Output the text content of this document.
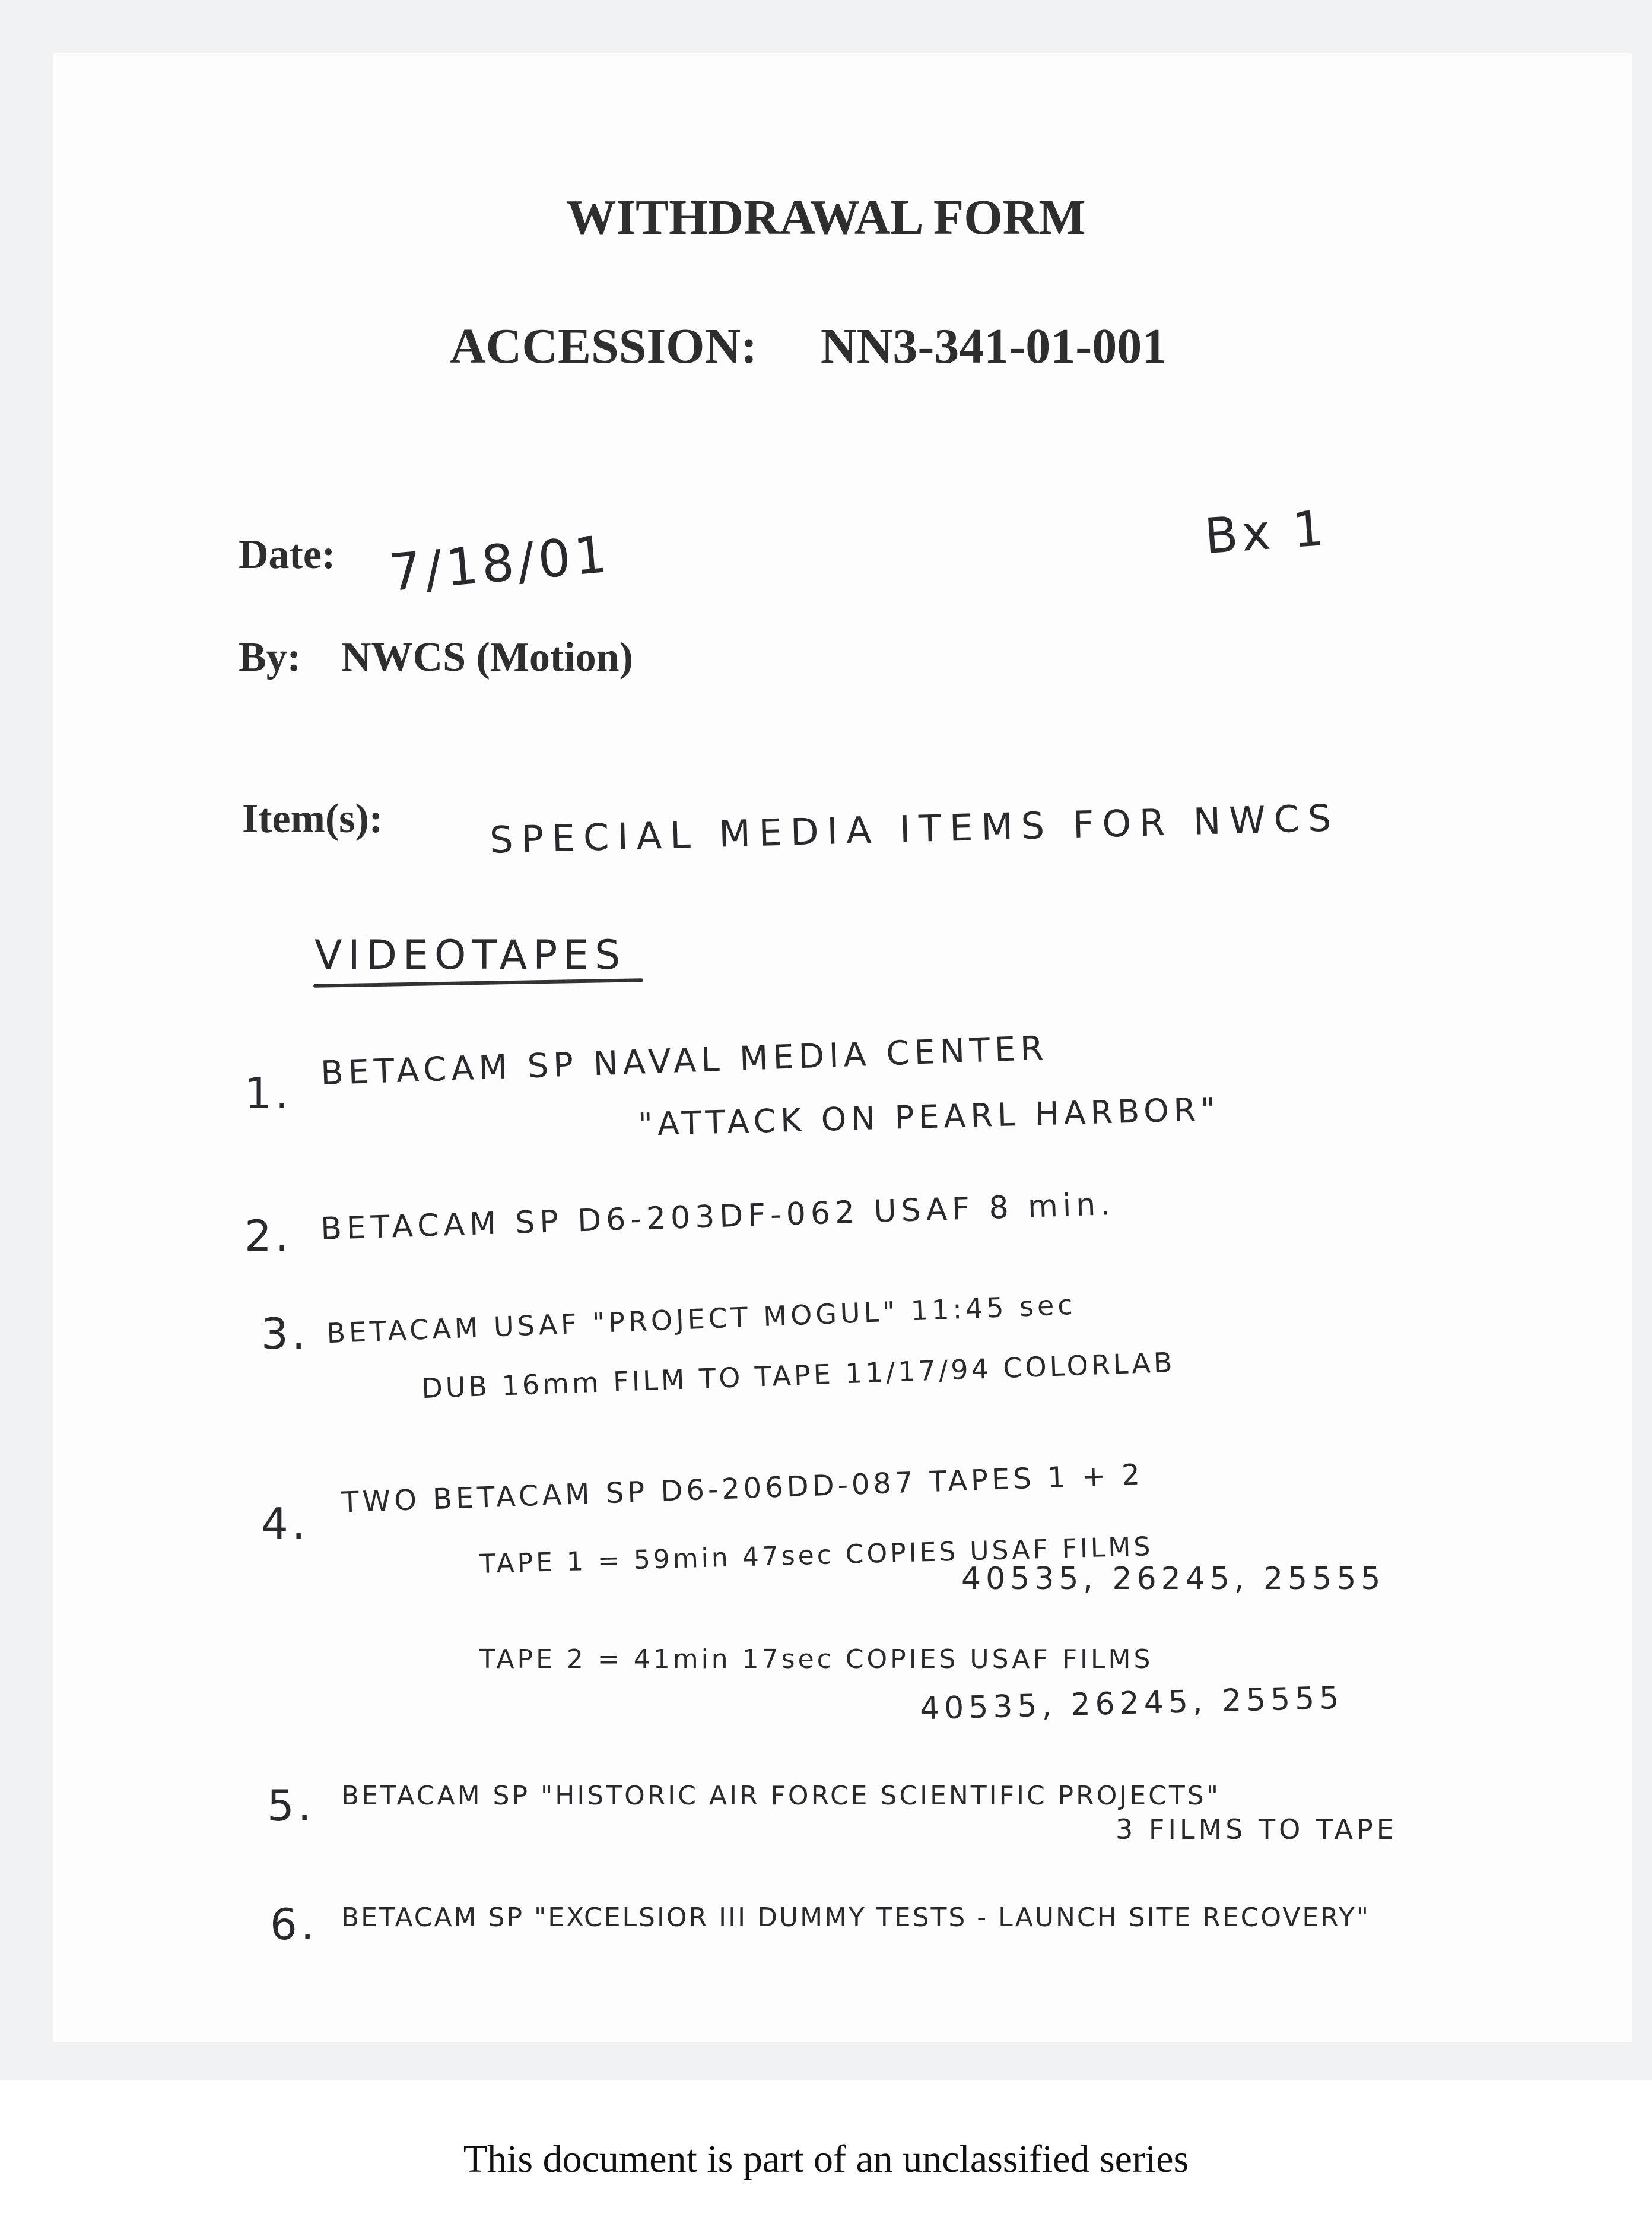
WITHDRAWAL FORM
ACCESSION: NN3-341-01-001
Date: 7/18/01	Bx 1
By: NWCS (Motion)
Item(s):	SPECIAL MEDIA ITEMS FOR NWCS
VIDEOTAPES
1.
BETACAM SP NAVAL MEDIA CENTER
"ATTACK ON PEARL HARBOR"
2. BETACAM SP D6-203DF-062 USAF 8 min.
3. BETACAM USAF "PROJECT MOGUL" 11:45 sec
DUB 16mm FILM TO TAPE 11/17/94 COLORLAB
4.
TWO BETACAM SP D6-206DD-087 TAPES 1 + 2
TAPE 1 = 59min 47sec COPIES USAF FILMS
40535, 26245, 25555
TAPE 2 = 41min 17sec COPIES USAF FILMS
40535, 26245, 25555
5. BETACAM SP "HISTORIC AIR FORCE SCIENTIFIC PROJECTS"
3 FILMS TO TAPE
6. BETACAM SP "EXCELSIOR III DUMMY TESTS - LAUNCH SITE RECOVERY"
This document is part of an unclassified series
